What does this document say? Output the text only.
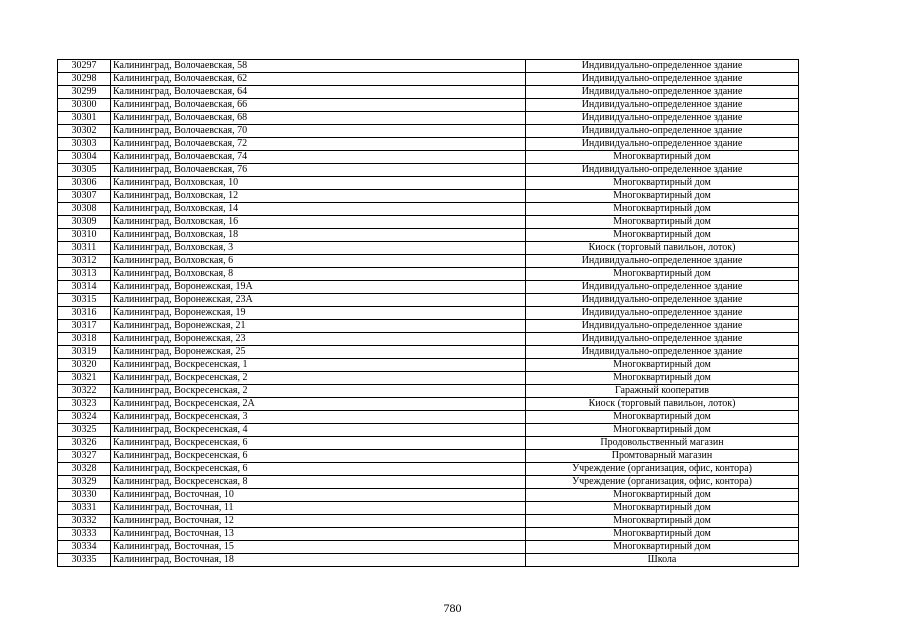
30297	Калининград, Волочаевская, 58	Индивидуально-определенное здание
30298	Калининград, Волочаевская, 62	Индивидуально-определенное здание
30299	Калининград, Волочаевская, 64	Индивидуально-определенное здание
30300	Калининград, Волочаевская, 66	Индивидуально-определенное здание
30301	Калининград, Волочаевская, 68	Индивидуально-определенное здание
30302	Калининград, Волочаевская, 70	Индивидуально-определенное здание
30303	Калининград, Волочаевская, 72	Индивидуально-определенное здание
30304	Калининград, Волочаевская, 74	Многоквартирный дом
30305	Калининград, Волочаевская, 76	Индивидуально-определенное здание
30306	Калининград, Волховская, 10	Многоквартирный дом
30307	Калининград, Волховская, 12	Многоквартирный дом
30308	Калининград, Волховская, 14	Многоквартирный дом
30309	Калининград, Волховская, 16	Многоквартирный дом
30310	Калининград, Волховская, 18	Многоквартирный дом
30311	Калининград, Волховская, 3	Киоск (торговый павильон, лоток)
30312	Калининград, Волховская, 6	Индивидуально-определенное здание
30313	Калининград, Волховская, 8	Многоквартирный дом
30314	Калининград, Воронежская, 19А	Индивидуально-определенное здание
30315	Калининград, Воронежская, 23А	Индивидуально-определенное здание
30316	Калининград, Воронежская, 19	Индивидуально-определенное здание
30317	Калининград, Воронежская, 21	Индивидуально-определенное здание
30318	Калининград, Воронежская, 23	Индивидуально-определенное здание
30319	Калининград, Воронежская, 25	Индивидуально-определенное здание
30320	Калининград, Воскресенская, 1	Многоквартирный дом
30321	Калининград, Воскресенская, 2	Многоквартирный дом
30322	Калининград, Воскресенская, 2	Гаражный кооператив
30323	Калининград, Воскресенская, 2А	Киоск (торговый павильон, лоток)
30324	Калининград, Воскресенская, 3	Многоквартирный дом
30325	Калининград, Воскресенская, 4	Многоквартирный дом
30326	Калининград, Воскресенская, 6	Продовольственный магазин
30327	Калининград, Воскресенская, 6	Промтоварный магазин
30328	Калининград, Воскресенская, 6	Учреждение (организация, офис, контора)
30329	Калининград, Воскресенская, 8	Учреждение (организация, офис, контора)
30330	Калининград, Восточная, 10	Многоквартирный дом
30331	Калининград, Восточная, 11	Многоквартирный дом
30332	Калининград, Восточная, 12	Многоквартирный дом
30333	Калининград, Восточная, 13	Многоквартирный дом
30334	Калининград, Восточная, 15	Многоквартирный дом
30335	Калининград, Восточная, 18	Школа
780
